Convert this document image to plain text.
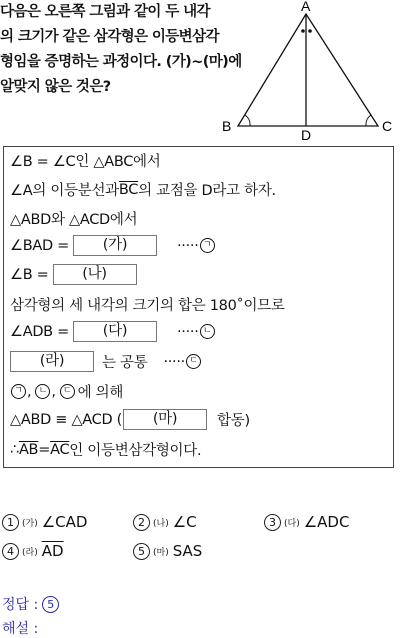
다음은 오른쪽 그림과 같이 두 내각
의 크기가 같은 삼각형은 이등변삼각
형임을 증명하는 과정이다. (가)~(마)에
알맞지 않은 것은?
A
B	C
D
∠B = ∠C인 △ABC에서
∠A의 이등분선과 $\overline{BC}$ 의 교점을 D라고 하자.
△ABD와 △ACD에서
∠BAD =	(가)	····· ㄱ
∠B =	(나)
삼각형의 세 내각의 크기의 합은 180˚이므로
∠ADB =	(다)	····· ㄴ
(라)	는 공통 ····· ㄷ
ㄱ , ㄴ , ㄷ 에 의해
△ABD ≡ △ACD (	(마)	합동)
∴ $\overline{AB} = \overline{AC}$ 인 이등변삼각형이다.
1 (가) ∠CAD	2 (나) ∠C	3 (다) ∠ADC
4 (라) $\overline{AD}$	5 (마) SAS
정답 : 5
해설 :
